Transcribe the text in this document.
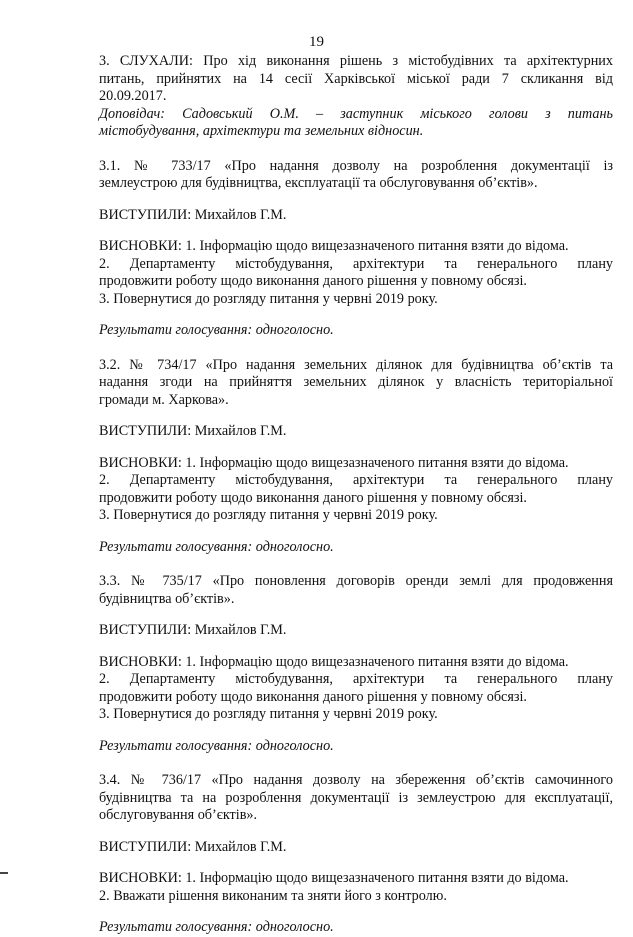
19
3. СЛУХАЛИ: Про хід виконання рішень з містобудівних та архітектурних
питань, прийнятих на 14 сесії Харківської міської ради 7 скликання від
20.09.2017.
Доповідач: Садовський О.М. – заступник міського голови з питань
містобудування, архітектури та земельних відносин.
3.1. № 733/17 «Про надання дозволу на розроблення документації із
землеустрою для будівництва, експлуатації та обслуговування об’єктів».
ВИСТУПИЛИ: Михайлов Г.М.
ВИСНОВКИ: 1. Інформацію щодо вищезазначеного питання взяти до відома.
2. Департаменту містобудування, архітектури та генерального плану
продовжити роботу щодо виконання даного рішення у повному обсязі.
3. Повернутися до розгляду питання у червні 2019 року.
Результати голосування: одноголосно.
3.2. № 734/17 «Про надання земельних ділянок для будівництва об’єктів та
надання згоди на прийняття земельних ділянок у власність територіальної
громади м. Харкова».
ВИСТУПИЛИ: Михайлов Г.М.
ВИСНОВКИ: 1. Інформацію щодо вищезазначеного питання взяти до відома.
2. Департаменту містобудування, архітектури та генерального плану
продовжити роботу щодо виконання даного рішення у повному обсязі.
3. Повернутися до розгляду питання у червні 2019 року.
Результати голосування: одноголосно.
3.3. № 735/17 «Про поновлення договорів оренди землі для продовження
будівництва об’єктів».
ВИСТУПИЛИ: Михайлов Г.М.
ВИСНОВКИ: 1. Інформацію щодо вищезазначеного питання взяти до відома.
2. Департаменту містобудування, архітектури та генерального плану
продовжити роботу щодо виконання даного рішення у повному обсязі.
3. Повернутися до розгляду питання у червні 2019 року.
Результати голосування: одноголосно.
3.4. № 736/17 «Про надання дозволу на збереження об’єктів самочинного
будівництва та на розроблення документації із землеустрою для експлуатації,
обслуговування об’єктів».
ВИСТУПИЛИ: Михайлов Г.М.
ВИСНОВКИ: 1. Інформацію щодо вищезазначеного питання взяти до відома.
2. Вважати рішення виконаним та зняти його з контролю.
Результати голосування: одноголосно.
